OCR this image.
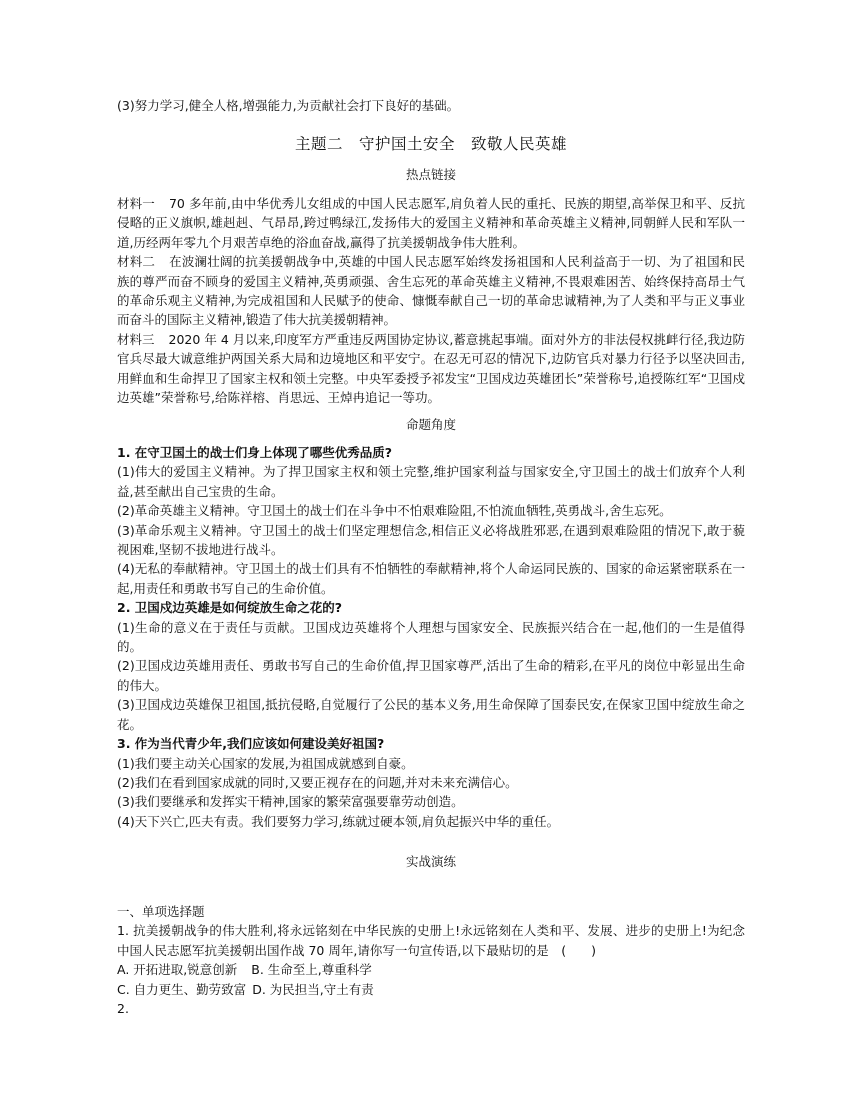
(3)努力学习,健全人格,增强能力,为贡献社会打下良好的基础。

主题二　守护国土安全　致敬人民英雄
热点链接

材料一 70 多年前,由中华优秀儿女组成的中国人民志愿军,肩负着人民的重托、民族的期望,高举保卫和平、反抗侵略的正义旗帜,雄赳赳、气昂昂,跨过鸭绿江,发扬伟大的爱国主义精神和革命英雄主义精神,同朝鲜人民和军队一道,历经两年零九个月艰苦卓绝的浴血奋战,赢得了抗美援朝战争伟大胜利。

材料二 在波澜壮阔的抗美援朝战争中,英雄的中国人民志愿军始终发扬祖国和人民利益高于一切、为了祖国和民族的尊严而奋不顾身的爱国主义精神,英勇顽强、舍生忘死的革命英雄主义精神,不畏艰难困苦、始终保持高昂士气的革命乐观主义精神,为完成祖国和人民赋予的使命、慷慨奉献自己一切的革命忠诚精神,为了人类和平与正义事业而奋斗的国际主义精神,锻造了伟大抗美援朝精神。

材料三 2020 年 4 月以来,印度军方严重违反两国协定协议,蓄意挑起事端。面对外方的非法侵权挑衅行径,我边防官兵尽最大诚意维护两国关系大局和边境地区和平安宁。在忍无可忍的情况下,边防官兵对暴力行径予以坚决回击,用鲜血和生命捍卫了国家主权和领土完整。中央军委授予祁发宝“卫国戍边英雄团长”荣誉称号,追授陈红军“卫国戍边英雄”荣誉称号,给陈祥榕、肖思远、王焯冉追记一等功。

命题角度

1. 在守卫国土的战士们身上体现了哪些优秀品质?

(1)伟大的爱国主义精神。为了捍卫国家主权和领土完整,维护国家利益与国家安全,守卫国土的战士们放弃个人利益,甚至献出自己宝贵的生命。

(2)革命英雄主义精神。守卫国土的战士们在斗争中不怕艰难险阻,不怕流血牺牲,英勇战斗,舍生忘死。

(3)革命乐观主义精神。守卫国土的战士们坚定理想信念,相信正义必将战胜邪恶,在遇到艰难险阻的情况下,敢于藐视困难,坚韧不拔地进行战斗。

(4)无私的奉献精神。守卫国土的战士们具有不怕牺牲的奉献精神,将个人命运同民族的、国家的命运紧密联系在一起,用责任和勇敢书写自己的生命价值。

2. 卫国戍边英雄是如何绽放生命之花的?

(1)生命的意义在于责任与贡献。卫国戍边英雄将个人理想与国家安全、民族振兴结合在一起,他们的一生是值得的。

(2)卫国戍边英雄用责任、勇敢书写自己的生命价值,捍卫国家尊严,活出了生命的精彩,在平凡的岗位中彰显出生命的伟大。

(3)卫国戍边英雄保卫祖国,抵抗侵略,自觉履行了公民的基本义务,用生命保障了国泰民安,在保家卫国中绽放生命之花。

3. 作为当代青少年,我们应该如何建设美好祖国?

(1)我们要主动关心国家的发展,为祖国成就感到自豪。

(2)我们在看到国家成就的同时,又要正视存在的问题,并对未来充满信心。

(3)我们要继承和发挥实干精神,国家的繁荣富强要靠劳动创造。

(4)天下兴亡,匹夫有责。我们要努力学习,练就过硬本领,肩负起振兴中华的重任。

实战演练

一、单项选择题

1. 抗美援朝战争的伟大胜利,将永远铭刻在中华民族的史册上!永远铭刻在人类和平、发展、进步的史册上!为纪念中国人民志愿军抗美援朝出国作战 70 周年,请你写一句宣传语,以下最贴切的是　(　　)

A. 开拓进取,锐意创新 B. 生命至上,尊重科学
C. 自力更生、勤劳致富 D. 为民担当,守土有责

2.
